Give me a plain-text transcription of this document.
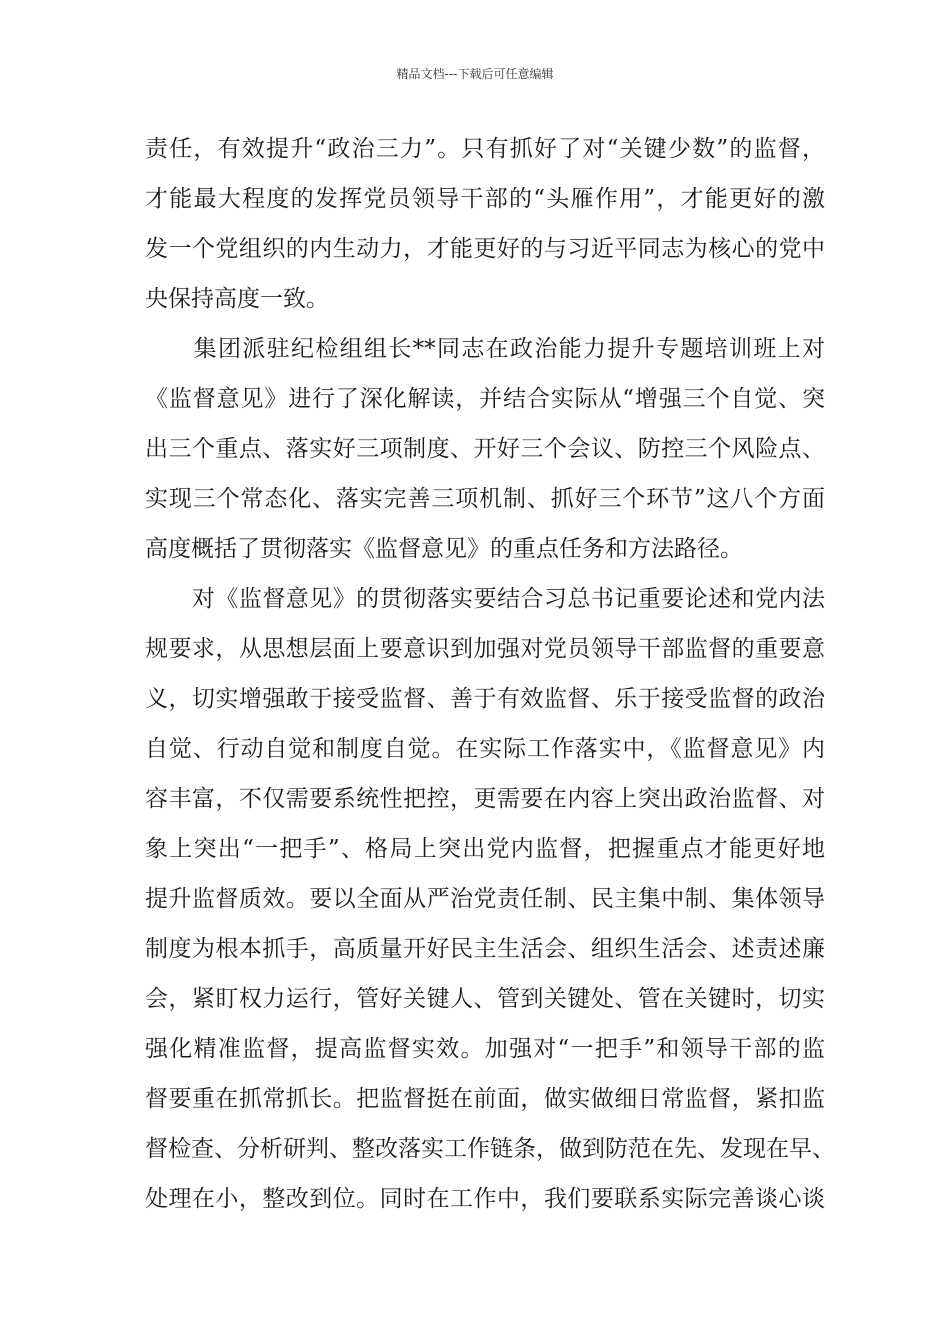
精品文档---下载后可任意编辑
责任，有效提升“政治三力”。只有抓好了对“关键少数”的监督，
才能最大程度的发挥党员领导干部的“头雁作用”，才能更好的激
发一个党组织的内生动力，才能更好的与习近平同志为核心的党中
央保持高度一致。
　　集团派驻纪检组组长**同志在政治能力提升专题培训班上对
《监督意见》进行了深化解读，并结合实际从“增强三个自觉、突
出三个重点、落实好三项制度、开好三个会议、防控三个风险点、
实现三个常态化、落实完善三项机制、抓好三个环节”这八个方面
高度概括了贯彻落实《监督意见》的重点任务和方法路径。
　　对《监督意见》的贯彻落实要结合习总书记重要论述和党内法
规要求，从思想层面上要意识到加强对党员领导干部监督的重要意
义，切实增强敢于接受监督、善于有效监督、乐于接受监督的政治
自觉、行动自觉和制度自觉。在实际工作落实中，《监督意见》内
容丰富，不仅需要系统性把控，更需要在内容上突出政治监督、对
象上突出“一把手”、格局上突出党内监督，把握重点才能更好地
提升监督质效。要以全面从严治党责任制、民主集中制、集体领导
制度为根本抓手，高质量开好民主生活会、组织生活会、述责述廉
会，紧盯权力运行，管好关键人、管到关键处、管在关键时，切实
强化精准监督，提高监督实效。加强对“一把手”和领导干部的监
督要重在抓常抓长。把监督挺在前面，做实做细日常监督，紧扣监
督检查、分析研判、整改落实工作链条，做到防范在先、发现在早、
处理在小，整改到位。同时在工作中，我们要联系实际完善谈心谈
